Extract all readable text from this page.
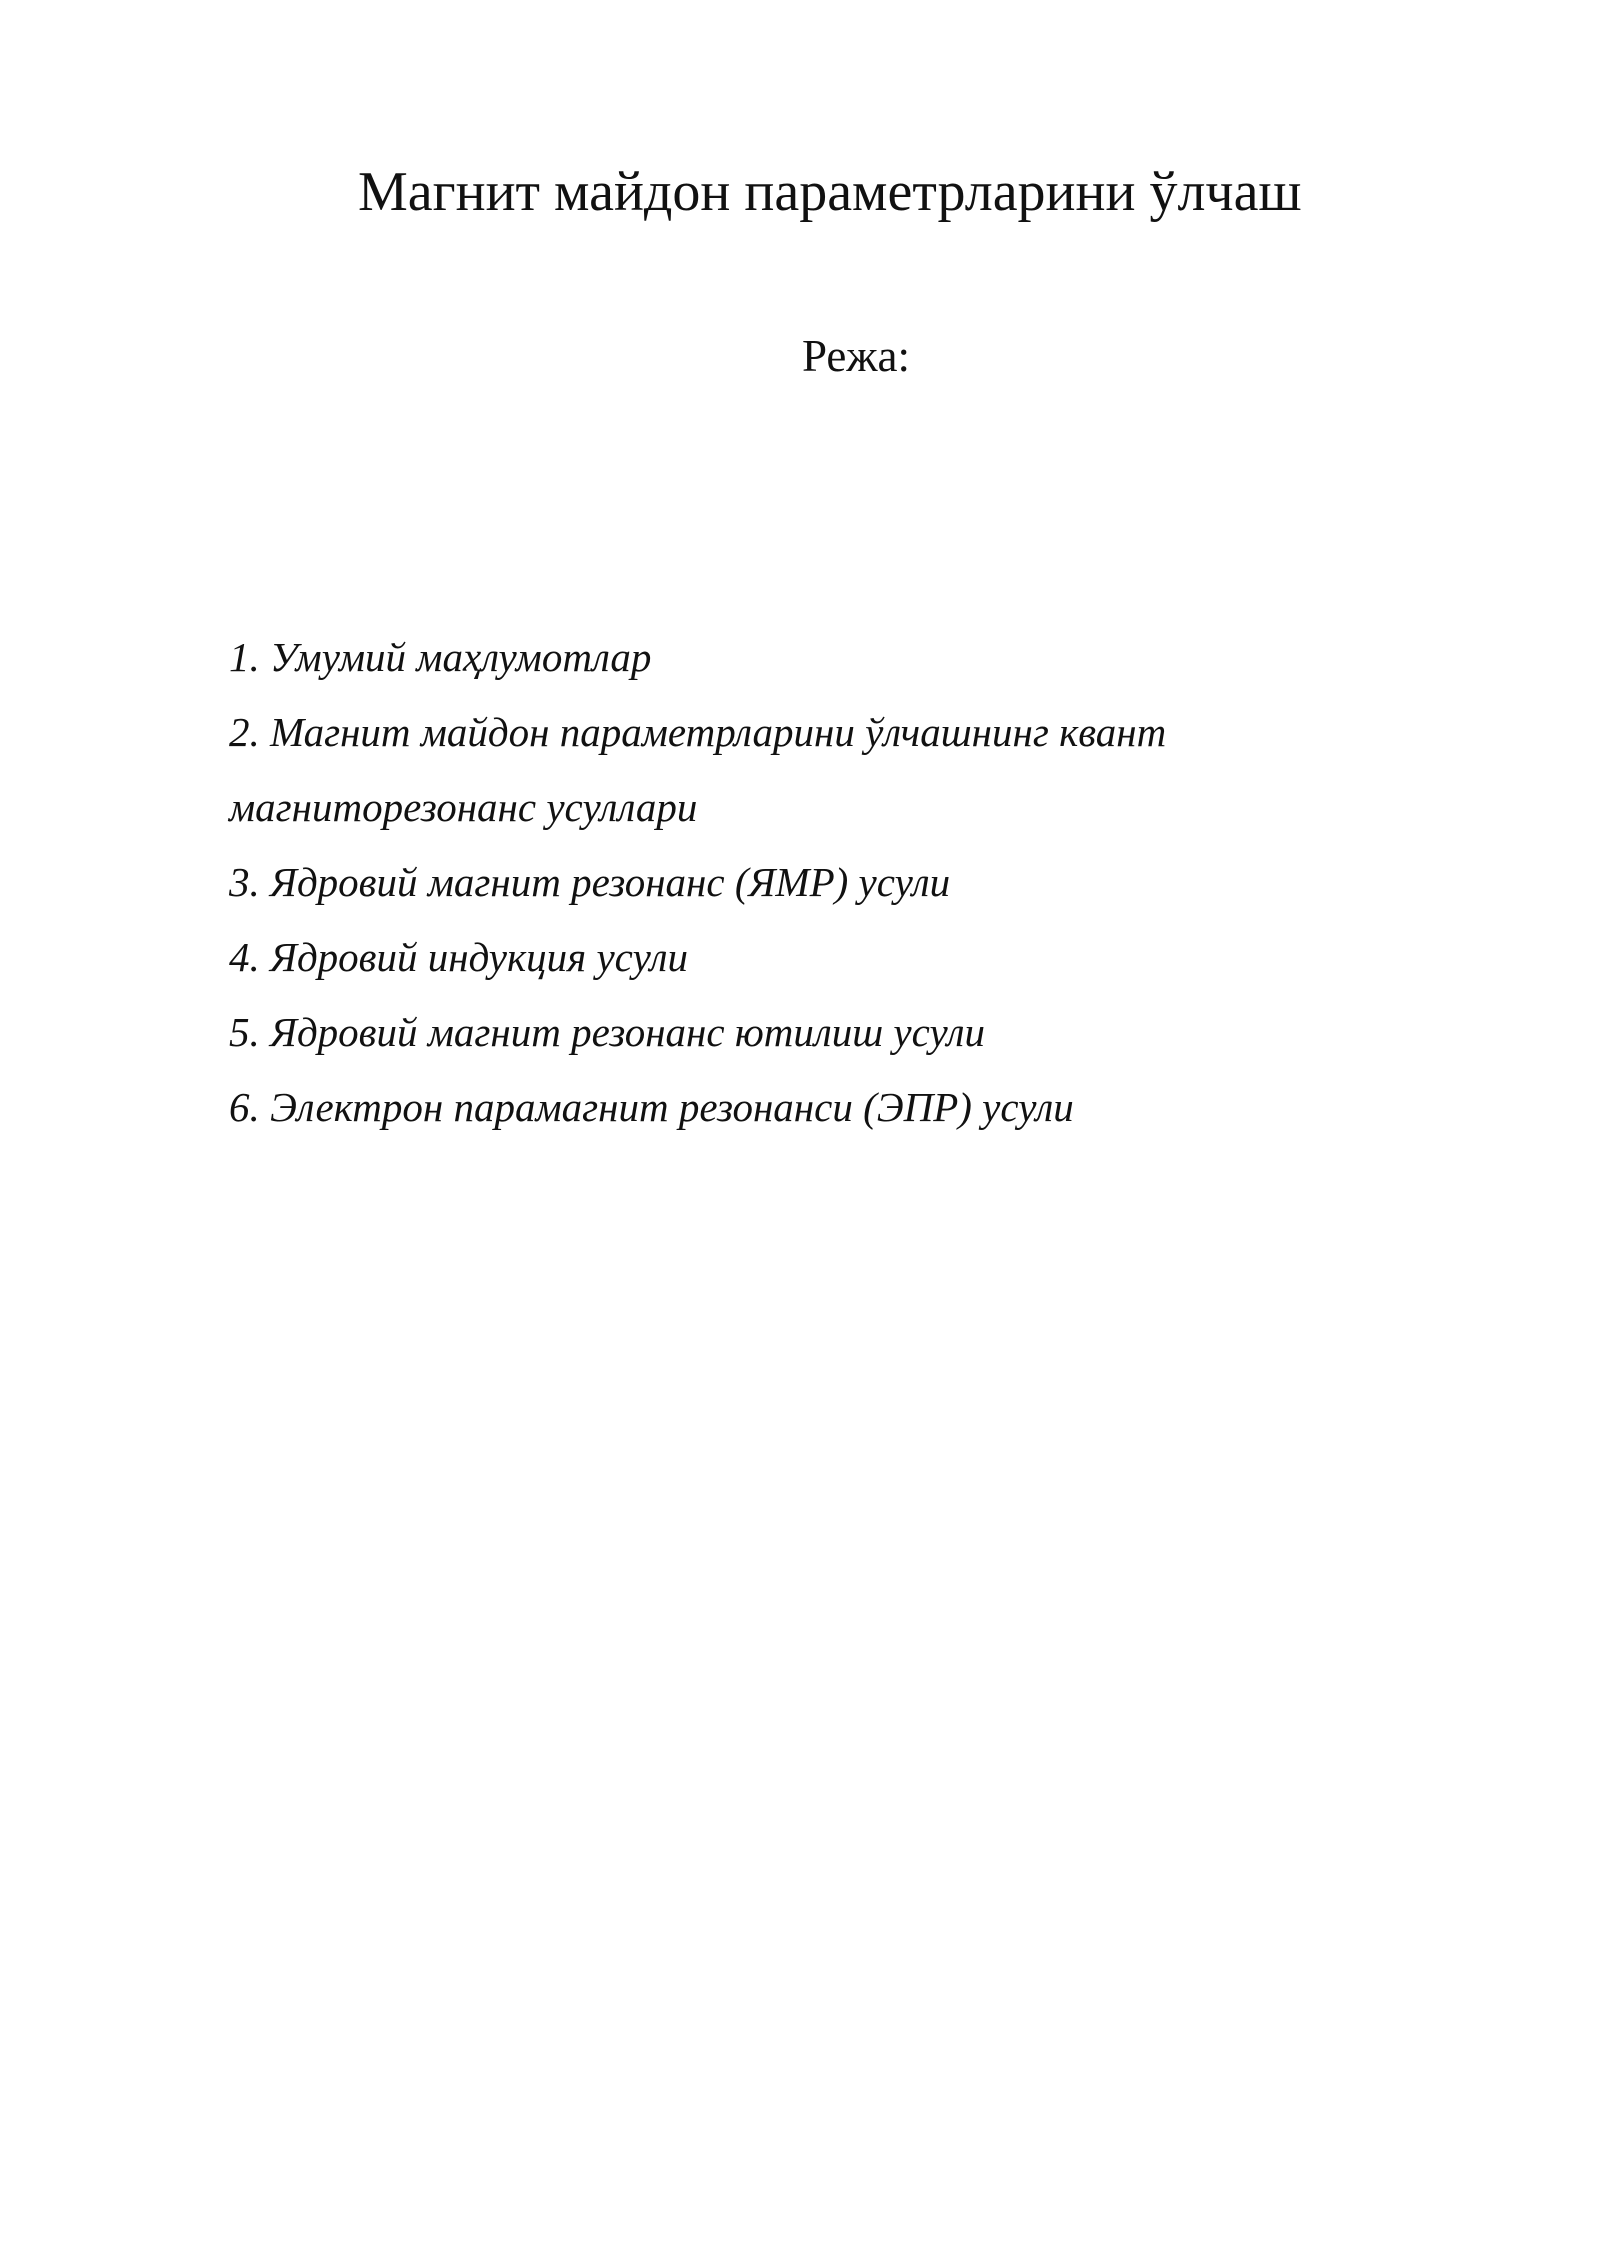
Магнит майдон параметрларини ўлчаш
Режа:
1. Умумий маҳлумотлар
2. Магнит майдон параметрларини ўлчашнинг квант
магниторезонанс усуллари
3. Ядровий магнит резонанс (ЯМР) усули
4. Ядровий индукция усули
5. Ядровий магнит резонанс ютилиш усули
6. Электрон парамагнит резонанси (ЭПР) усули
